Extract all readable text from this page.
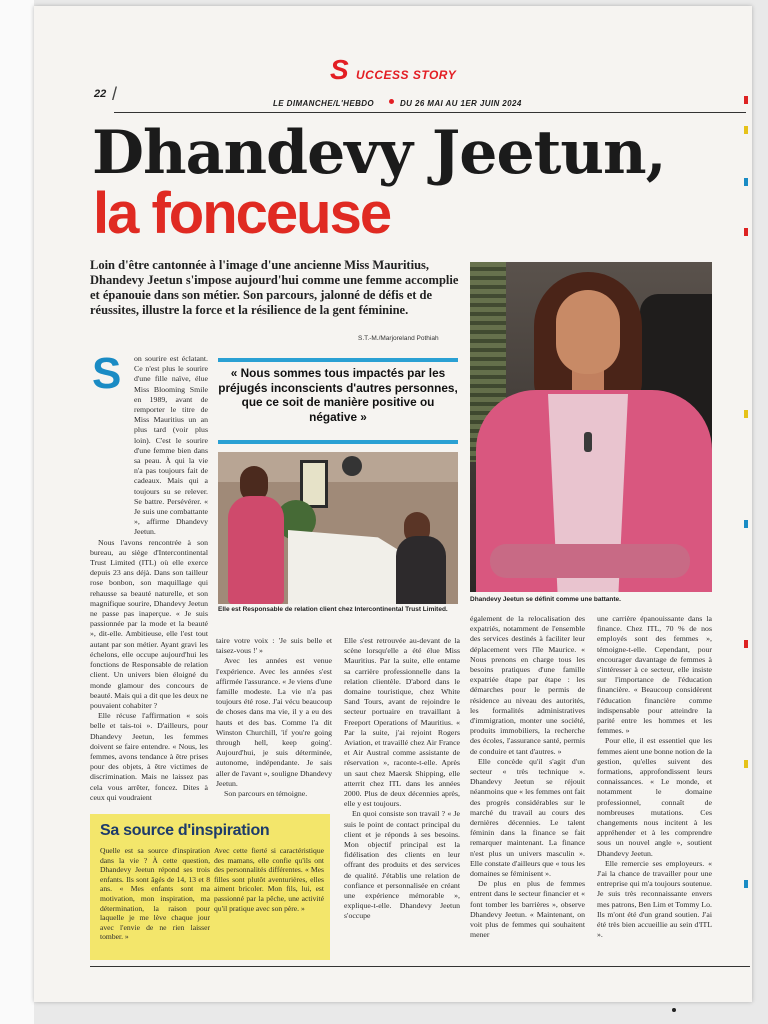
S UCCESS STORY
22 /	LE DIMANCHE/L'HEBDO	DU 26 MAI AU 1ER JUIN 2024
Dhandevy Jeetun,
la fonceuse

Loin d'être cantonnée à l'image d'une ancienne Miss Mauritius, Dhandevy Jeetun s'impose aujourd'hui comme une femme accomplie et épanouie dans son métier. Son parcours, jalonné de défis et de réussites, illustre la force et la résilience de la gent féminine.

S.T.-M./Marjoreland Pothiah
Dhandevy Jeetun se définit comme une battante.
S	on sourire est éclatant. Ce n'est plus le sourire d'une fille naïve, élue Miss Blooming Smile en 1989, avant de remporter le titre de Miss Mauritius un an plus tard (voir plus loin). C'est le sourire d'une femme bien dans sa peau. À qui la vie n'a pas toujours fait de cadeaux. Mais qui a toujours su se relever. Se battre. Persévérer. « Je suis une combattante », affirme Dhandevy Jeetun.

Nous l'avons rencontrée à son bureau, au siège d'Intercontinental Trust Limited (ITL) où elle exerce depuis 23 ans déjà. Dans son tailleur rose bonbon, son maquillage qui rehausse sa beauté naturelle, et son magnifique sourire, Dhandevy Jeetun ne passe pas inaperçue. « Je suis passionnée par la mode et la beauté », dit-elle. Ambitieuse, elle l'est tout autant par son métier. Ayant gravi les échelons, elle occupe aujourd'hui les fonctions de Responsable de relation client. Un univers bien éloigné du monde glamour des concours de beauté. Mais qui a dit que les deux ne pouvaient cohabiter ?

Elle récuse l'affirmation « sois belle et tais-toi ». D'ailleurs, pour Dhandevy Jeetun, les femmes doivent se faire entendre. « Nous, les femmes, avons tendance à être prises pour des objets, à être victimes de discrimination. Mais ne laissez pas cela vous arrêter, foncez. Dites à ceux qui voudraient

« Nous sommes tous impactés par les préjugés inconscients d'autres personnes, que ce soit de manière positive ou négative »
Elle est Responsable de relation client chez Intercontinental Trust Limited.

taire votre voix : 'Je suis belle et taisez-vous !' »

Avec les années est venue l'expérience. Avec les années s'est affirmée l'assurance. « Je viens d'une famille modeste. La vie n'a pas toujours été rose. J'ai vécu beaucoup de choses dans ma vie, il y a eu des hauts et des bas. Comme l'a dit Winston Churchill, 'if you're going through hell, keep going'. Aujourd'hui, je suis déterminée, autonome, indépendante. Je sais aller de l'avant », souligne Dhandevy Jeetun.

Son parcours en témoigne.

Elle s'est retrouvée au-devant de la scène lorsqu'elle a été élue Miss Mauritius. Par la suite, elle entame sa carrière professionnelle dans la relation clientèle. D'abord dans le domaine touristique, chez White Sand Tours, avant de rejoindre le secteur portuaire en travaillant à Freeport Operations of Mauritius. « Par la suite, j'ai rejoint Rogers Aviation, et travaillé chez Air France et Air Austral comme assistante de réservation », raconte-t-elle. Après un saut chez Maersk Shipping, elle atterrit chez ITL dans les années 2000. Plus de deux décennies après, elle y est toujours.

En quoi consiste son travail ? « Je suis le point de contact principal du client et je réponds à ses besoins. Mon objectif principal est la fidélisation des clients en leur offrant des produits et des services de qualité. J'établis une relation de confiance et personnalisée en créant une expérience mémorable », explique-t-elle. Dhandevy Jeetun s'occupe

également de la relocalisation des expatriés, notamment de l'ensemble des services destinés à faciliter leur déplacement vers l'île Maurice. « Nous prenons en charge tous les besoins pratiques d'une famille expatriée étape par étape : les démarches pour le permis de résidence au niveau des autorités, les formalités administratives d'immigration, monter une société, produits immobiliers, la recherche des écoles, l'assurance santé, permis de conduire et tant d'autres. »

Elle concède qu'il s'agit d'un secteur « très technique ». Dhandevy Jeetun se réjouit néanmoins que « les femmes ont fait des progrès considérables sur le marché du travail au cours des dernières décennies. Le talent féminin dans la finance se fait remarquer maintenant. La finance n'est plus un univers masculin ». Elle constate d'ailleurs que « tous les domaines se féminisent ».

De plus en plus de femmes entrent dans le secteur financier et « font tomber les barrières », observe Dhandevy Jeetun. « Maintenant, on voit plus de femmes qui souhaitent mener

une carrière épanouissante dans la finance. Chez ITL, 70 % de nos employés sont des femmes », témoigne-t-elle. Cependant, pour encourager davantage de femmes à s'intéresser à ce secteur, elle insiste sur l'importance de l'éducation financière. « Beaucoup considèrent l'éducation financière comme indispensable pour atteindre la parité entre les hommes et les femmes. »

Pour elle, il est essentiel que les femmes aient une bonne notion de la gestion, qu'elles suivent des formations, approfondissent leurs connaissances. « Le monde, et notamment le domaine professionnel, connaît de nombreuses mutations. Ces changements nous incitent à les appréhender et à les comprendre sous un nouvel angle », soutient Dhandevy Jeetun.

Elle remercie ses employeurs. « J'ai la chance de travailler pour une entreprise qui m'a toujours soutenue. Je suis très reconnaissante envers mes patrons, Ben Lim et Tommy Lo. Ils m'ont été d'un grand soutien. J'ai été très bien accueillie au sein d'ITL ».

Sa source d'inspiration
Quelle est sa source d'inspiration dans la vie ? À cette question, Dhandevy Jeetun répond ses trois enfants. Ils sont âgés de 14, 13 et 8 ans. « Mes enfants sont ma motivation, mon inspiration, ma détermination, la raison pour laquelle je me lève chaque jour avec l'envie de ne rien laisser tomber. »
Avec cette fierté si caractéristique des mamans, elle confie qu'ils ont des personnalités différentes. « Mes filles sont plutôt aventurières, elles aiment bricoler. Mon fils, lui, est passionné par la pêche, une activité qu'il pratique avec son père. »
